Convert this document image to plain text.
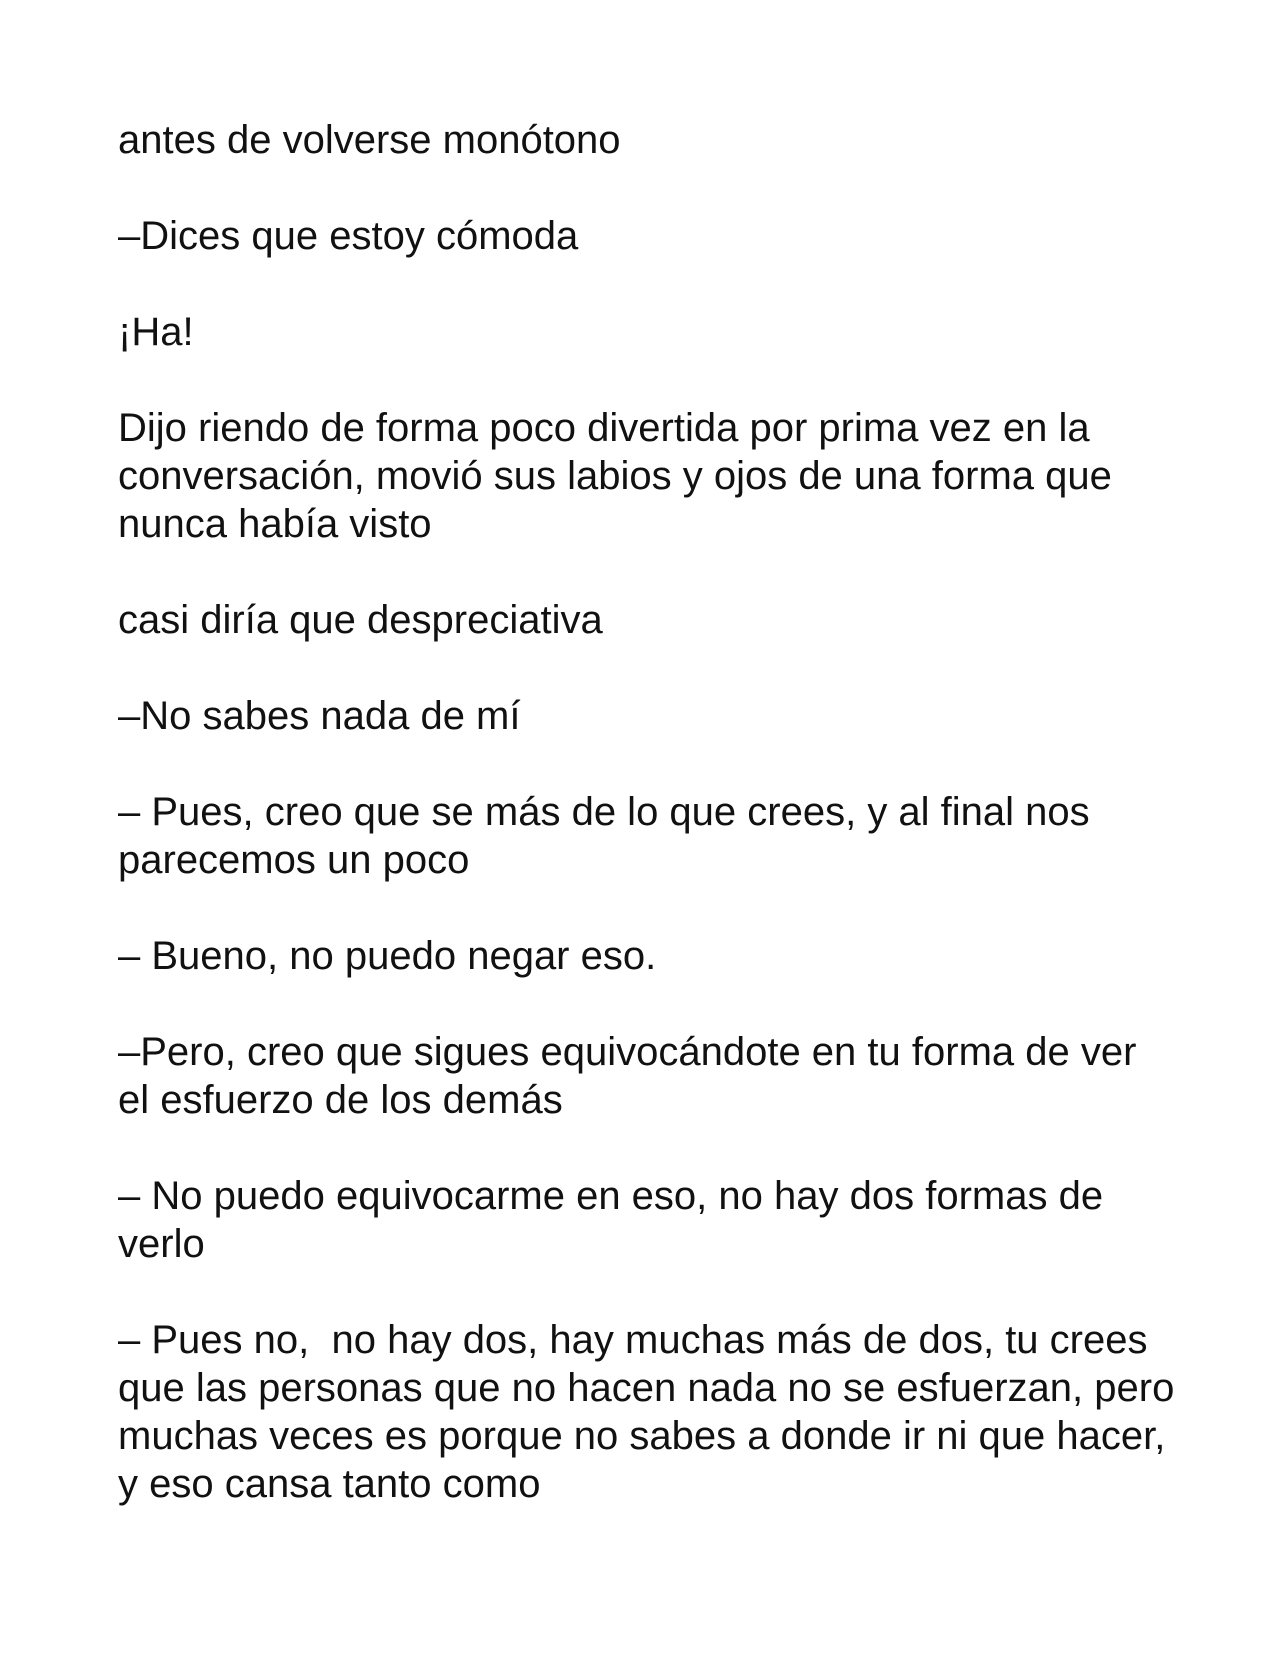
antes de volverse monótono

–Dices que estoy cómoda

¡Ha!

Dijo riendo de forma poco divertida por prima vez en la conversación, movió sus labios y ojos de una forma que nunca había visto

casi diría que despreciativa

–No sabes nada de mí

– Pues, creo que se más de lo que crees, y al final nos parecemos un poco

– Bueno, no puedo negar eso.

–Pero, creo que sigues equivocándote en tu forma de ver el esfuerzo de los demás

– No puedo equivocarme en eso, no hay dos formas de verlo

– Pues no,  no hay dos, hay muchas más de dos, tu crees que las personas que no hacen nada no se esfuerzan, pero muchas veces es porque no sabes a donde ir ni que hacer, y eso cansa tanto como
